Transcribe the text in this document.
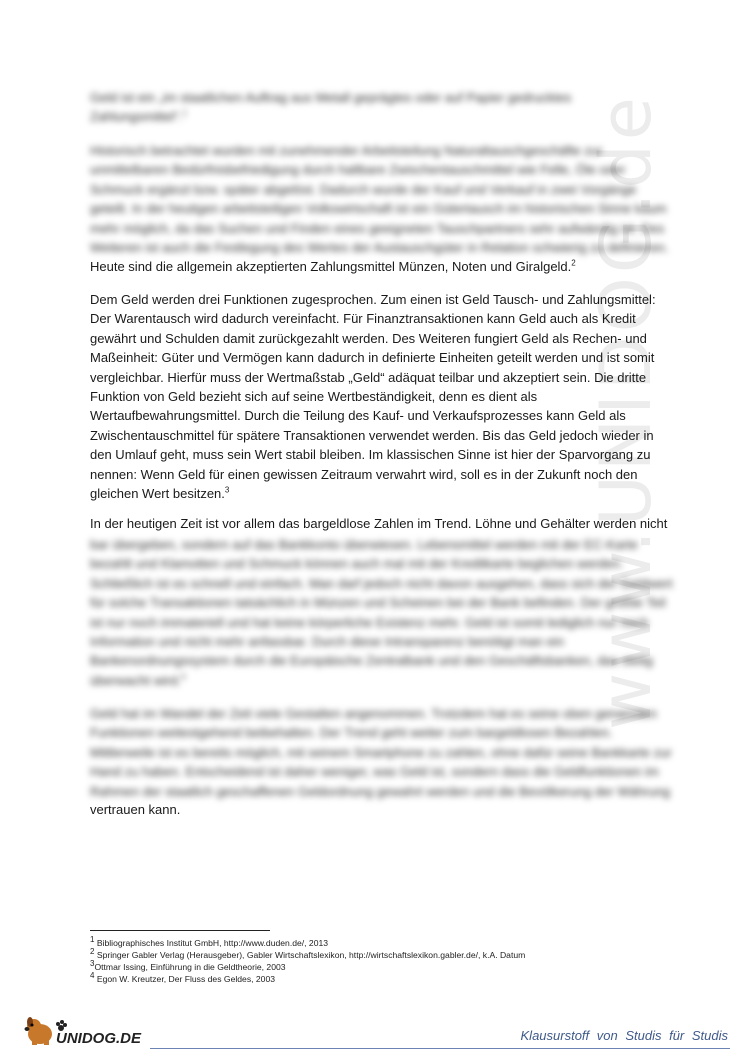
www.UNIDOG.de
Geld ist ein „im staatlichen Auftrag aus Metall geprägtes oder auf Papier gedrucktes
Zahlungsmittel“.$^1$
Historisch betrachtet wurden mit zunehmender Arbeitsteilung Naturaltauschgeschäfte zur
unmittelbaren Bedürfnisbefriedigung durch haltbare Zwischentauschmittel wie Felle, Öle oder
Schmuck ergänzt bzw. später abgelöst. Dadurch wurde der Kauf und Verkauf in zwei Vorgänge
geteilt. In der heutigen arbeitsteiligen Volkswirtschaft ist ein Gütertausch im historischen Sinne kaum
mehr möglich, da das Suchen und Finden eines geeigneten Tauschpartners sehr aufwändig ist. Des
Weiteren ist auch die Festlegung des Wertes der Austauschgüter in Relation schwierig zu definieren.
Heute sind die allgemein akzeptierten Zahlungsmittel Münzen, Noten und Giralgeld.$^2$
Dem Geld werden drei Funktionen zugesprochen. Zum einen ist Geld Tausch- und Zahlungsmittel:
Der Warentausch wird dadurch vereinfacht. Für Finanztransaktionen kann Geld auch als Kredit
gewährt und Schulden damit zurückgezahlt werden. Des Weiteren fungiert Geld als Rechen- und
Maßeinheit: Güter und Vermögen kann dadurch in definierte Einheiten geteilt werden und ist somit
vergleichbar. Hierfür muss der Wertmaßstab „Geld“ adäquat teilbar und akzeptiert sein. Die dritte
Funktion von Geld bezieht sich auf seine Wertbeständigkeit, denn es dient als
Wertaufbewahrungsmittel. Durch die Teilung des Kauf- und Verkaufsprozesses kann Geld als
Zwischentauschmittel für spätere Transaktionen verwendet werden. Bis das Geld jedoch wieder in
den Umlauf geht, muss sein Wert stabil bleiben. Im klassischen Sinne ist hier der Sparvorgang zu
nennen: Wenn Geld für einen gewissen Zeitraum verwahrt wird, soll es in der Zukunft noch den
gleichen Wert besitzen.$^3$
In der heutigen Zeit ist vor allem das bargeldlose Zahlen im Trend. Löhne und Gehälter werden nicht
bar übergeben, sondern auf das Bankkonto überwiesen. Lebensmittel werden mit der EC-Karte
bezahlt und Klamotten und Schmuck können auch mal mit der Kreditkarte beglichen werden.
Schließlich ist es schnell und einfach. Man darf jedoch nicht davon ausgehen, dass sich der Geldwert
für solche Transaktionen tatsächlich in Münzen und Scheinen bei der Bank befinden. Der größte Teil
ist nur noch immateriell und hat keine körperliche Existenz mehr. Geld ist somit lediglich nur noch
Information und nicht mehr anfassbar. Durch diese Intransparenz benötigt man ein
Bankenordnungssystem durch die Europäische Zentralbank und den Geschäftsbanken, das stetig
überwacht wird.$^4$
Geld hat im Wandel der Zeit viele Gestalten angenommen. Trotzdem hat es seine oben genannten
Funktionen weitestgehend beibehalten. Der Trend geht weiter zum bargeldlosen Bezahlen.
Mittlerweile ist es bereits möglich, mit seinem Smartphone zu zahlen, ohne dafür seine Bankkarte zur
Hand zu haben. Entscheidend ist daher weniger, was Geld ist, sondern dass die Geldfunktionen im
Rahmen der staatlich geschaffenen Geldordnung gewahrt werden und die Bevölkerung der Währung
vertrauen kann.
$^1$ Bibliographisches Institut GmbH, http://www.duden.de/, 2013
$^2$ Springer Gabler Verlag (Herausgeber), Gabler Wirtschaftslexikon, http://wirtschaftslexikon.gabler.de/, k.A. Datum
$^3$Ottmar Issing, Einführung in die Geldtheorie, 2003
$^4$ Egon W. Kreutzer, Der Fluss des Geldes, 2003
UNIDOG.DE	Klausurstoff von Studis für Studis
